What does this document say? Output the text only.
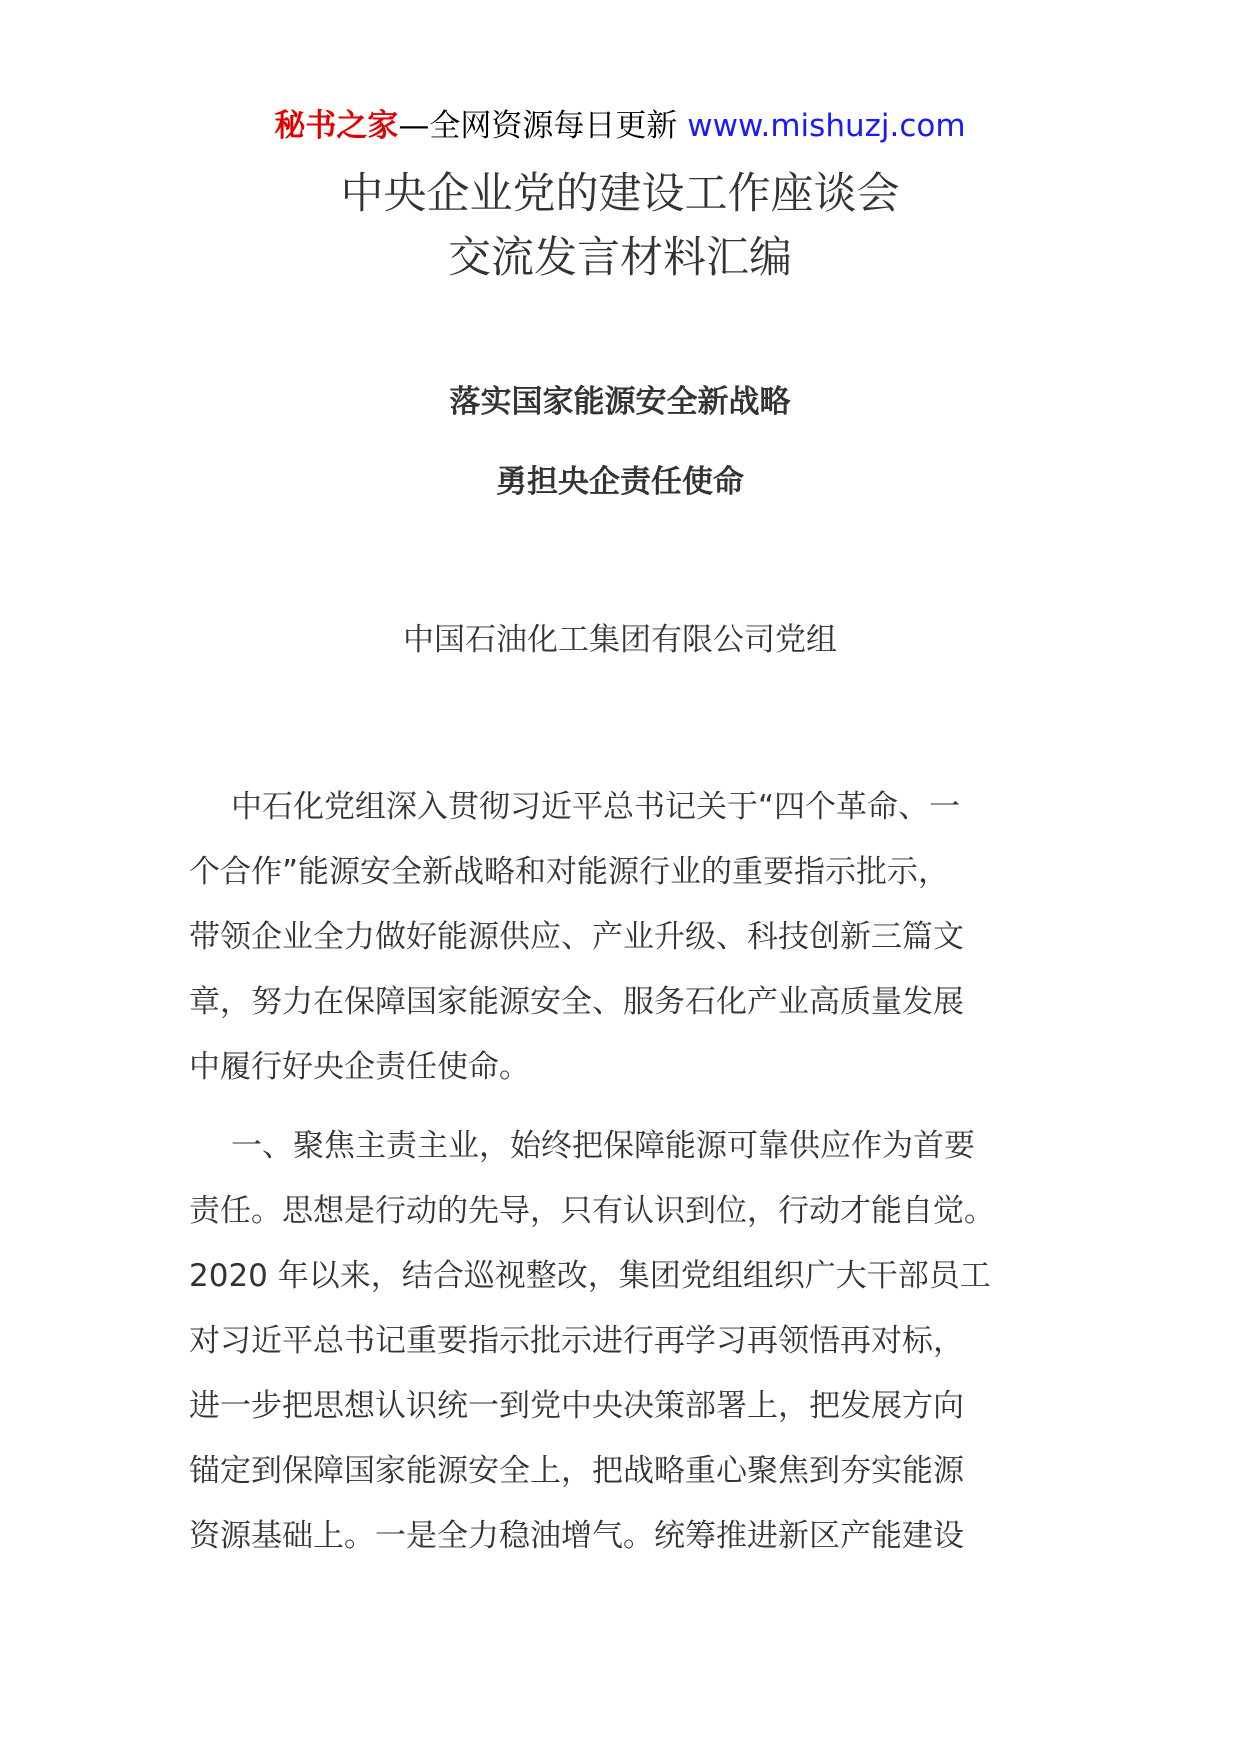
秘书之家—全网资源每日更新 www.mishuzj.com
中央企业党的建设工作座谈会
交流发言材料汇编
落实国家能源安全新战略
勇担央企责任使命
中国石油化工集团有限公司党组
中石化党组深入贯彻习近平总书记关于“四个革命、一
个合作”能源安全新战略和对能源行业的重要指示批示，
带领企业全力做好能源供应、产业升级、科技创新三篇文
章，努力在保障国家能源安全、服务石化产业高质量发展
中履行好央企责任使命。
一、聚焦主责主业，始终把保障能源可靠供应作为首要
责任。思想是行动的先导，只有认识到位，行动才能自觉。
2020 年以来，结合巡视整改，集团党组组织广大干部员工
对习近平总书记重要指示批示进行再学习再领悟再对标，
进一步把思想认识统一到党中央决策部署上，把发展方向
锚定到保障国家能源安全上，把战略重心聚焦到夯实能源
资源基础上。一是全力稳油增气。统筹推进新区产能建设
